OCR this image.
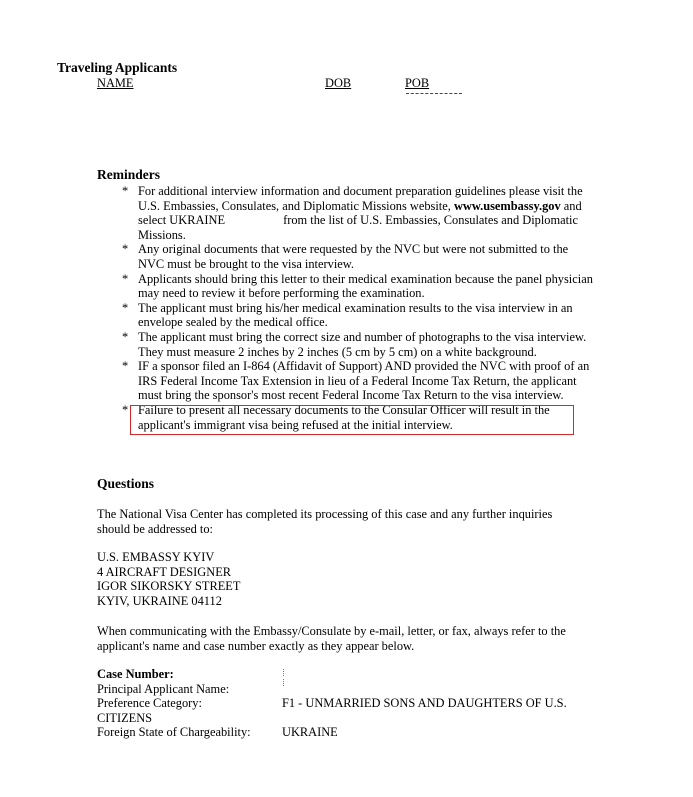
Traveling Applicants
NAME	DOB	POB
Reminders
* For additional interview information and document preparation guidelines please visit the U.S. Embassies, Consulates, and Diplomatic Missions website, www.usembassy.gov and select UKRAINE	from the list of U.S. Embassies, Consulates and Diplomatic Missions.
* Any original documents that were requested by the NVC but were not submitted to the NVC must be brought to the visa interview.
* Applicants should bring this letter to their medical examination because the panel physician may need to review it before performing the examination.
* The applicant must bring his/her medical examination results to the visa interview in an envelope sealed by the medical office.
* The applicant must bring the correct size and number of photographs to the visa interview. They must measure 2 inches by 2 inches (5 cm by 5 cm) on a white background.
* IF a sponsor filed an I-864 (Affidavit of Support) AND provided the NVC with proof of an IRS Federal Income Tax Extension in lieu of a Federal Income Tax Return, the applicant must bring the sponsor's most recent Federal Income Tax Return to the visa interview.
* Failure to present all necessary documents to the Consular Officer will result in the applicant's immigrant visa being refused at the initial interview.
Questions
The National Visa Center has completed its processing of this case and any further inquiries should be addressed to:
U.S. EMBASSY KYIV
4 AIRCRAFT DESIGNER
IGOR SIKORSKY STREET
KYIV, UKRAINE 04112
When communicating with the Embassy/Consulate by e-mail, letter, or fax, always refer to the applicant's name and case number exactly as they appear below.
Case Number:
Principal Applicant Name:
Preference Category:	F1 - UNMARRIED SONS AND DAUGHTERS OF U.S.
CITIZENS
Foreign State of Chargeability:	UKRAINE
